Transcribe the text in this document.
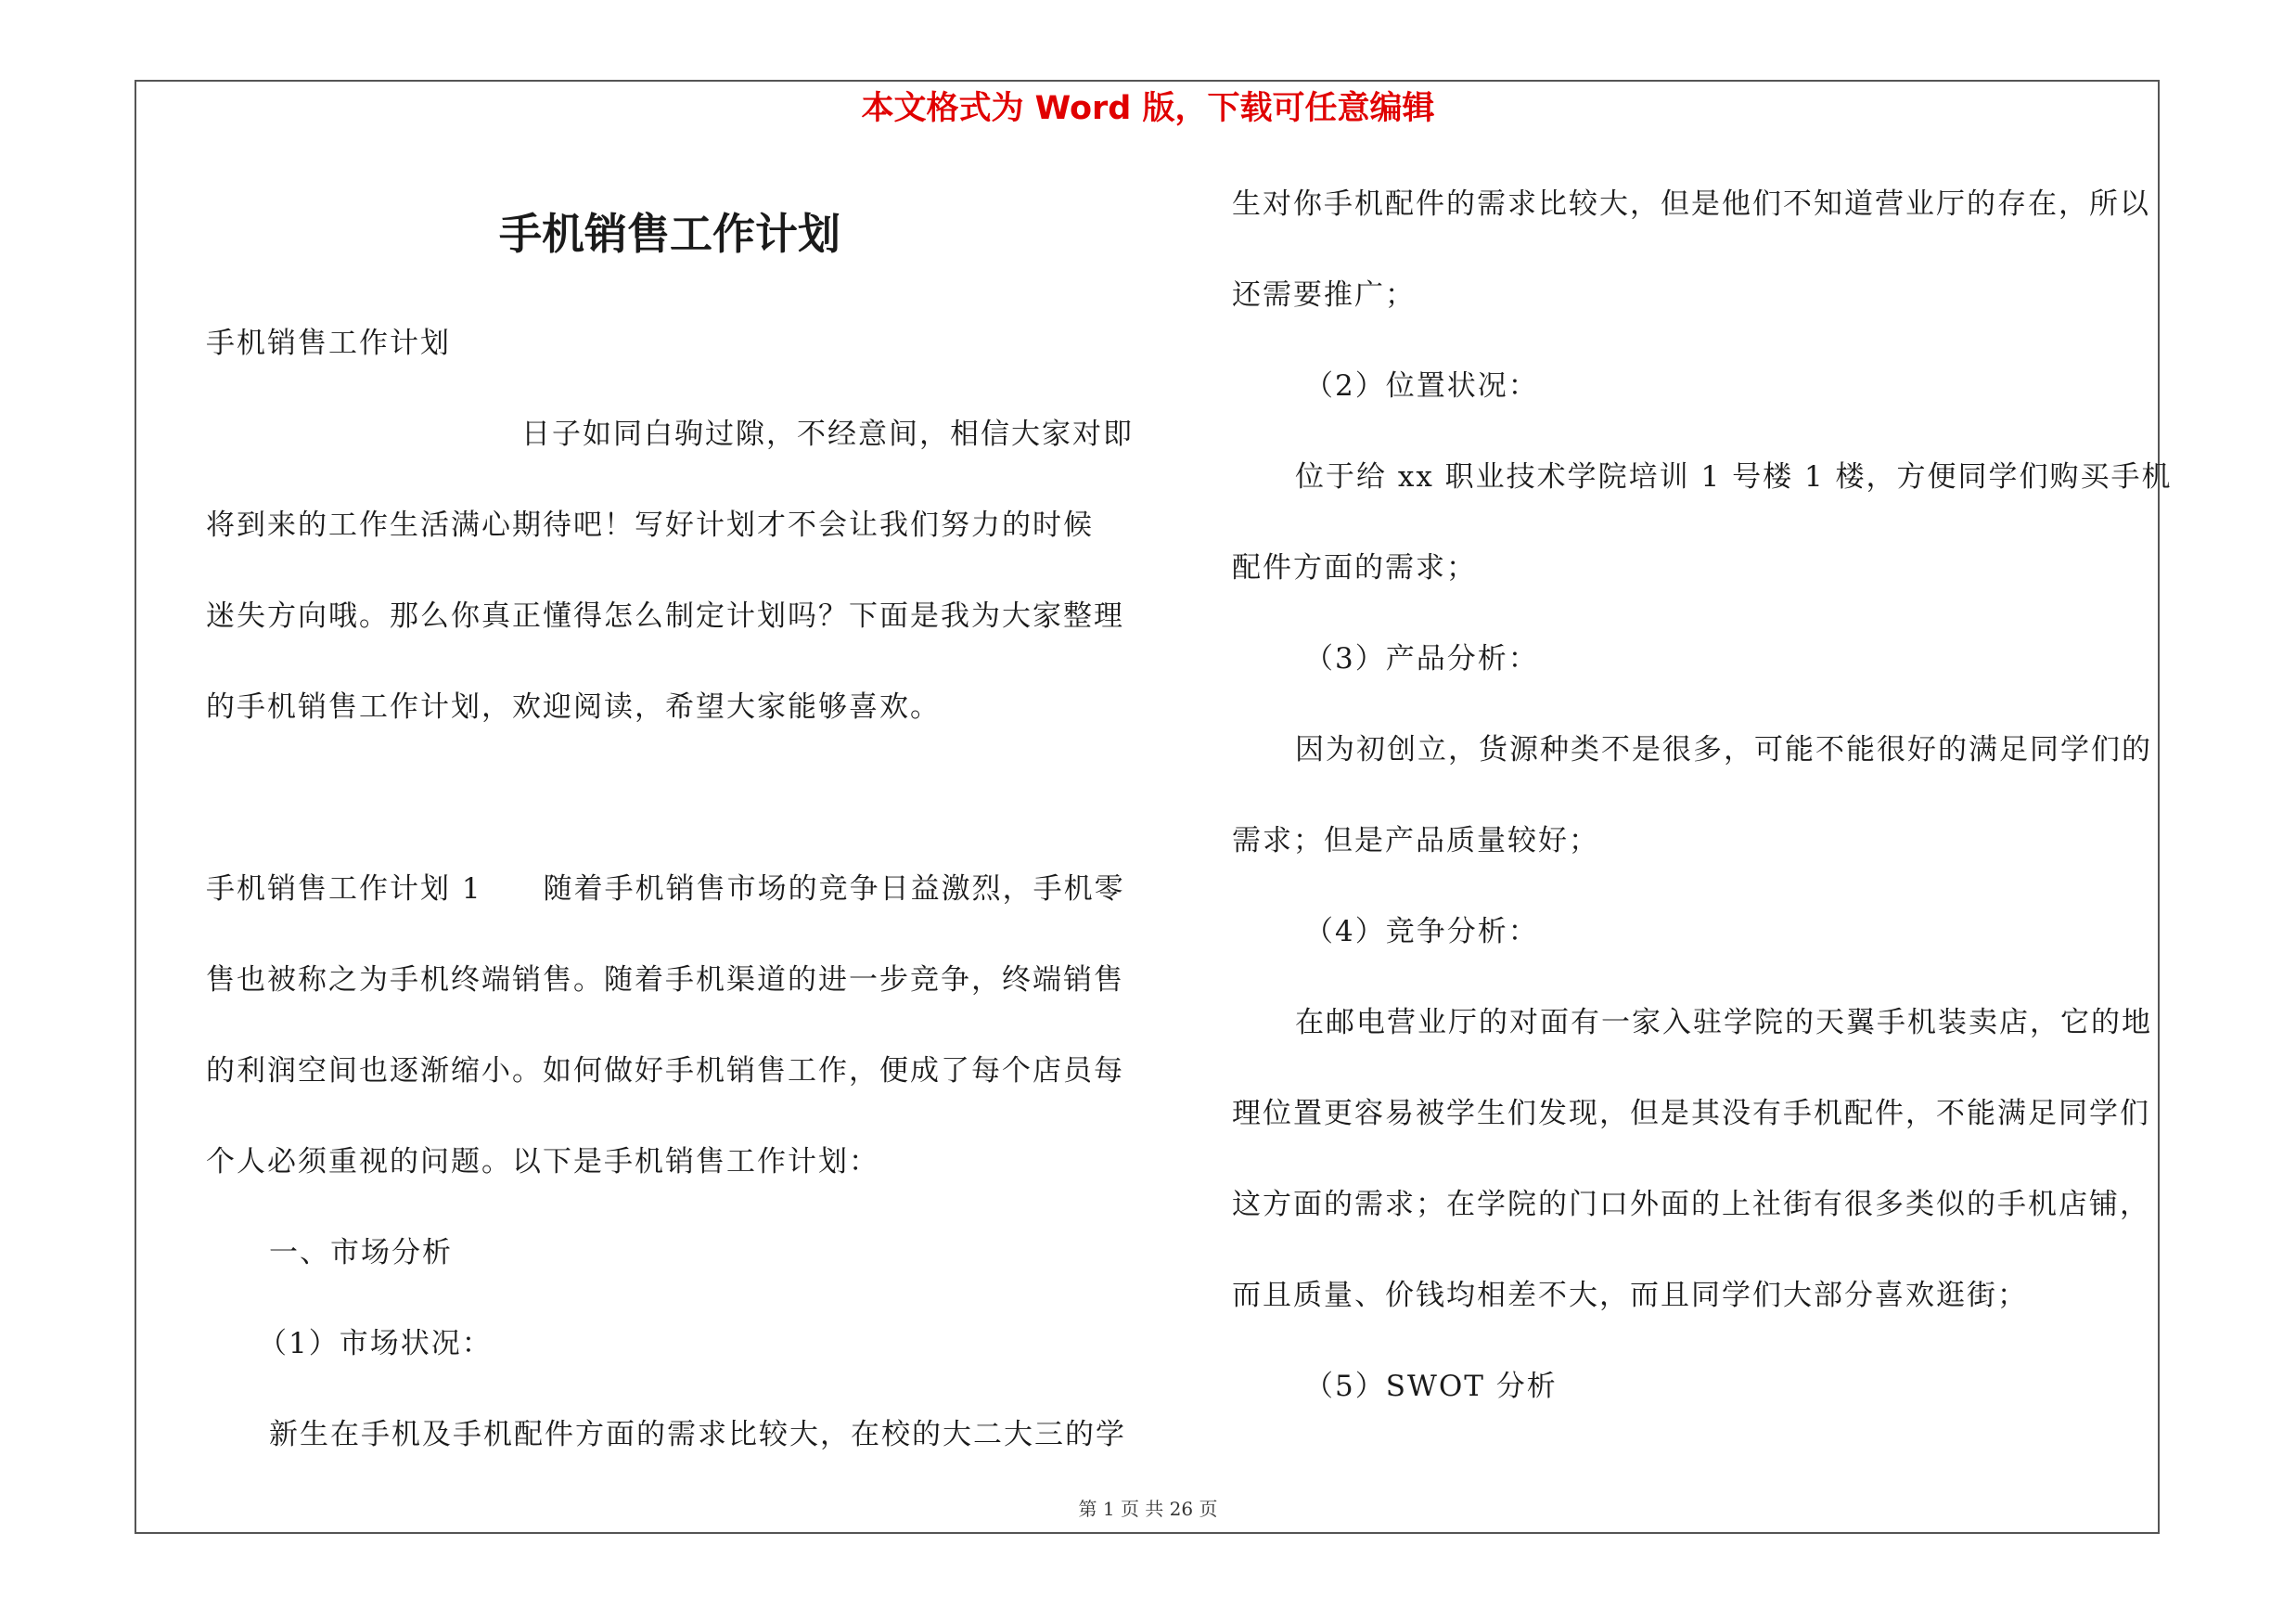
本文格式为 Word 版，下载可任意编辑
手机销售工作计划

手机销售工作计划

日子如同白驹过隙，不经意间，相信大家对即

将到来的工作生活满心期待吧！写好计划才不会让我们努力的时候

迷失方向哦。那么你真正懂得怎么制定计划吗？下面是我为大家整理

的手机销售工作计划，欢迎阅读，希望大家能够喜欢。

手机销售工作计划 1　　随着手机销售市场的竞争日益激烈，手机零

售也被称之为手机终端销售。随着手机渠道的进一步竞争，终端销售

的利润空间也逐渐缩小。如何做好手机销售工作，便成了每个店员每

个人必须重视的问题。以下是手机销售工作计划：

一、市场分析

（1）市场状况：

新生在手机及手机配件方面的需求比较大，在校的大二大三的学

生对你手机配件的需求比较大，但是他们不知道营业厅的存在，所以

还需要推广；

（2）位置状况：

位于给 xx 职业技术学院培训 1 号楼 1 楼，方便同学们购买手机

配件方面的需求；

（3）产品分析：

因为初创立，货源种类不是很多，可能不能很好的满足同学们的

需求；但是产品质量较好；

（4）竞争分析：

在邮电营业厅的对面有一家入驻学院的天翼手机装卖店，它的地

理位置更容易被学生们发现，但是其没有手机配件，不能满足同学们

这方面的需求；在学院的门口外面的上社街有很多类似的手机店铺，

而且质量、价钱均相差不大，而且同学们大部分喜欢逛街；

（5）SWOT 分析

第 1 页 共 26 页
